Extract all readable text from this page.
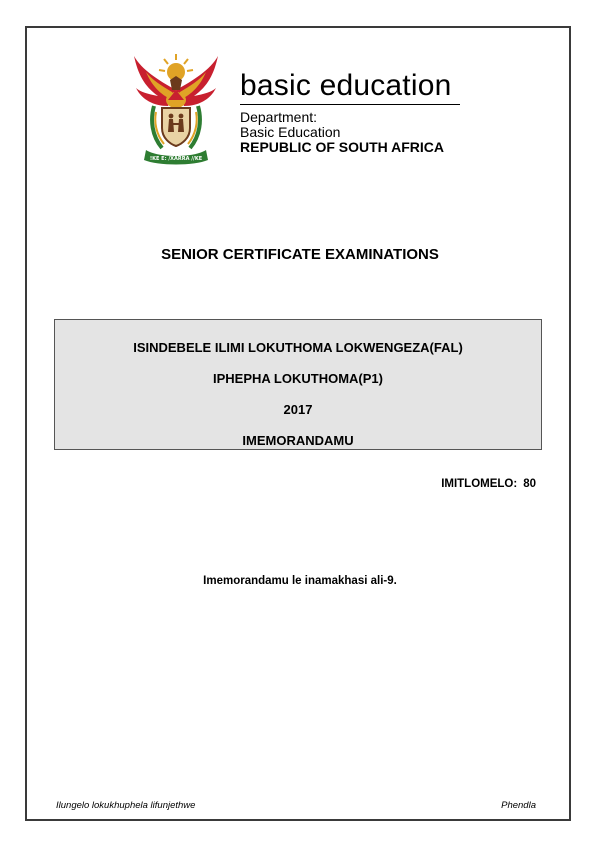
!KE E: /XARRA //KE
basic education
Department:
Basic Education
REPUBLIC OF SOUTH AFRICA
SENIOR CERTIFICATE EXAMINATIONS
ISINDEBELE ILIMI LOKUTHOMA LOKWENGEZA(FAL)
IPHEPHA LOKUTHOMA(P1)
2017
IMEMORANDAMU
IMITLOMELO: 80
Imemorandamu le inamakhasi ali-9.
Ilungelo lokukhuphela lifunjethwe	Phendla
